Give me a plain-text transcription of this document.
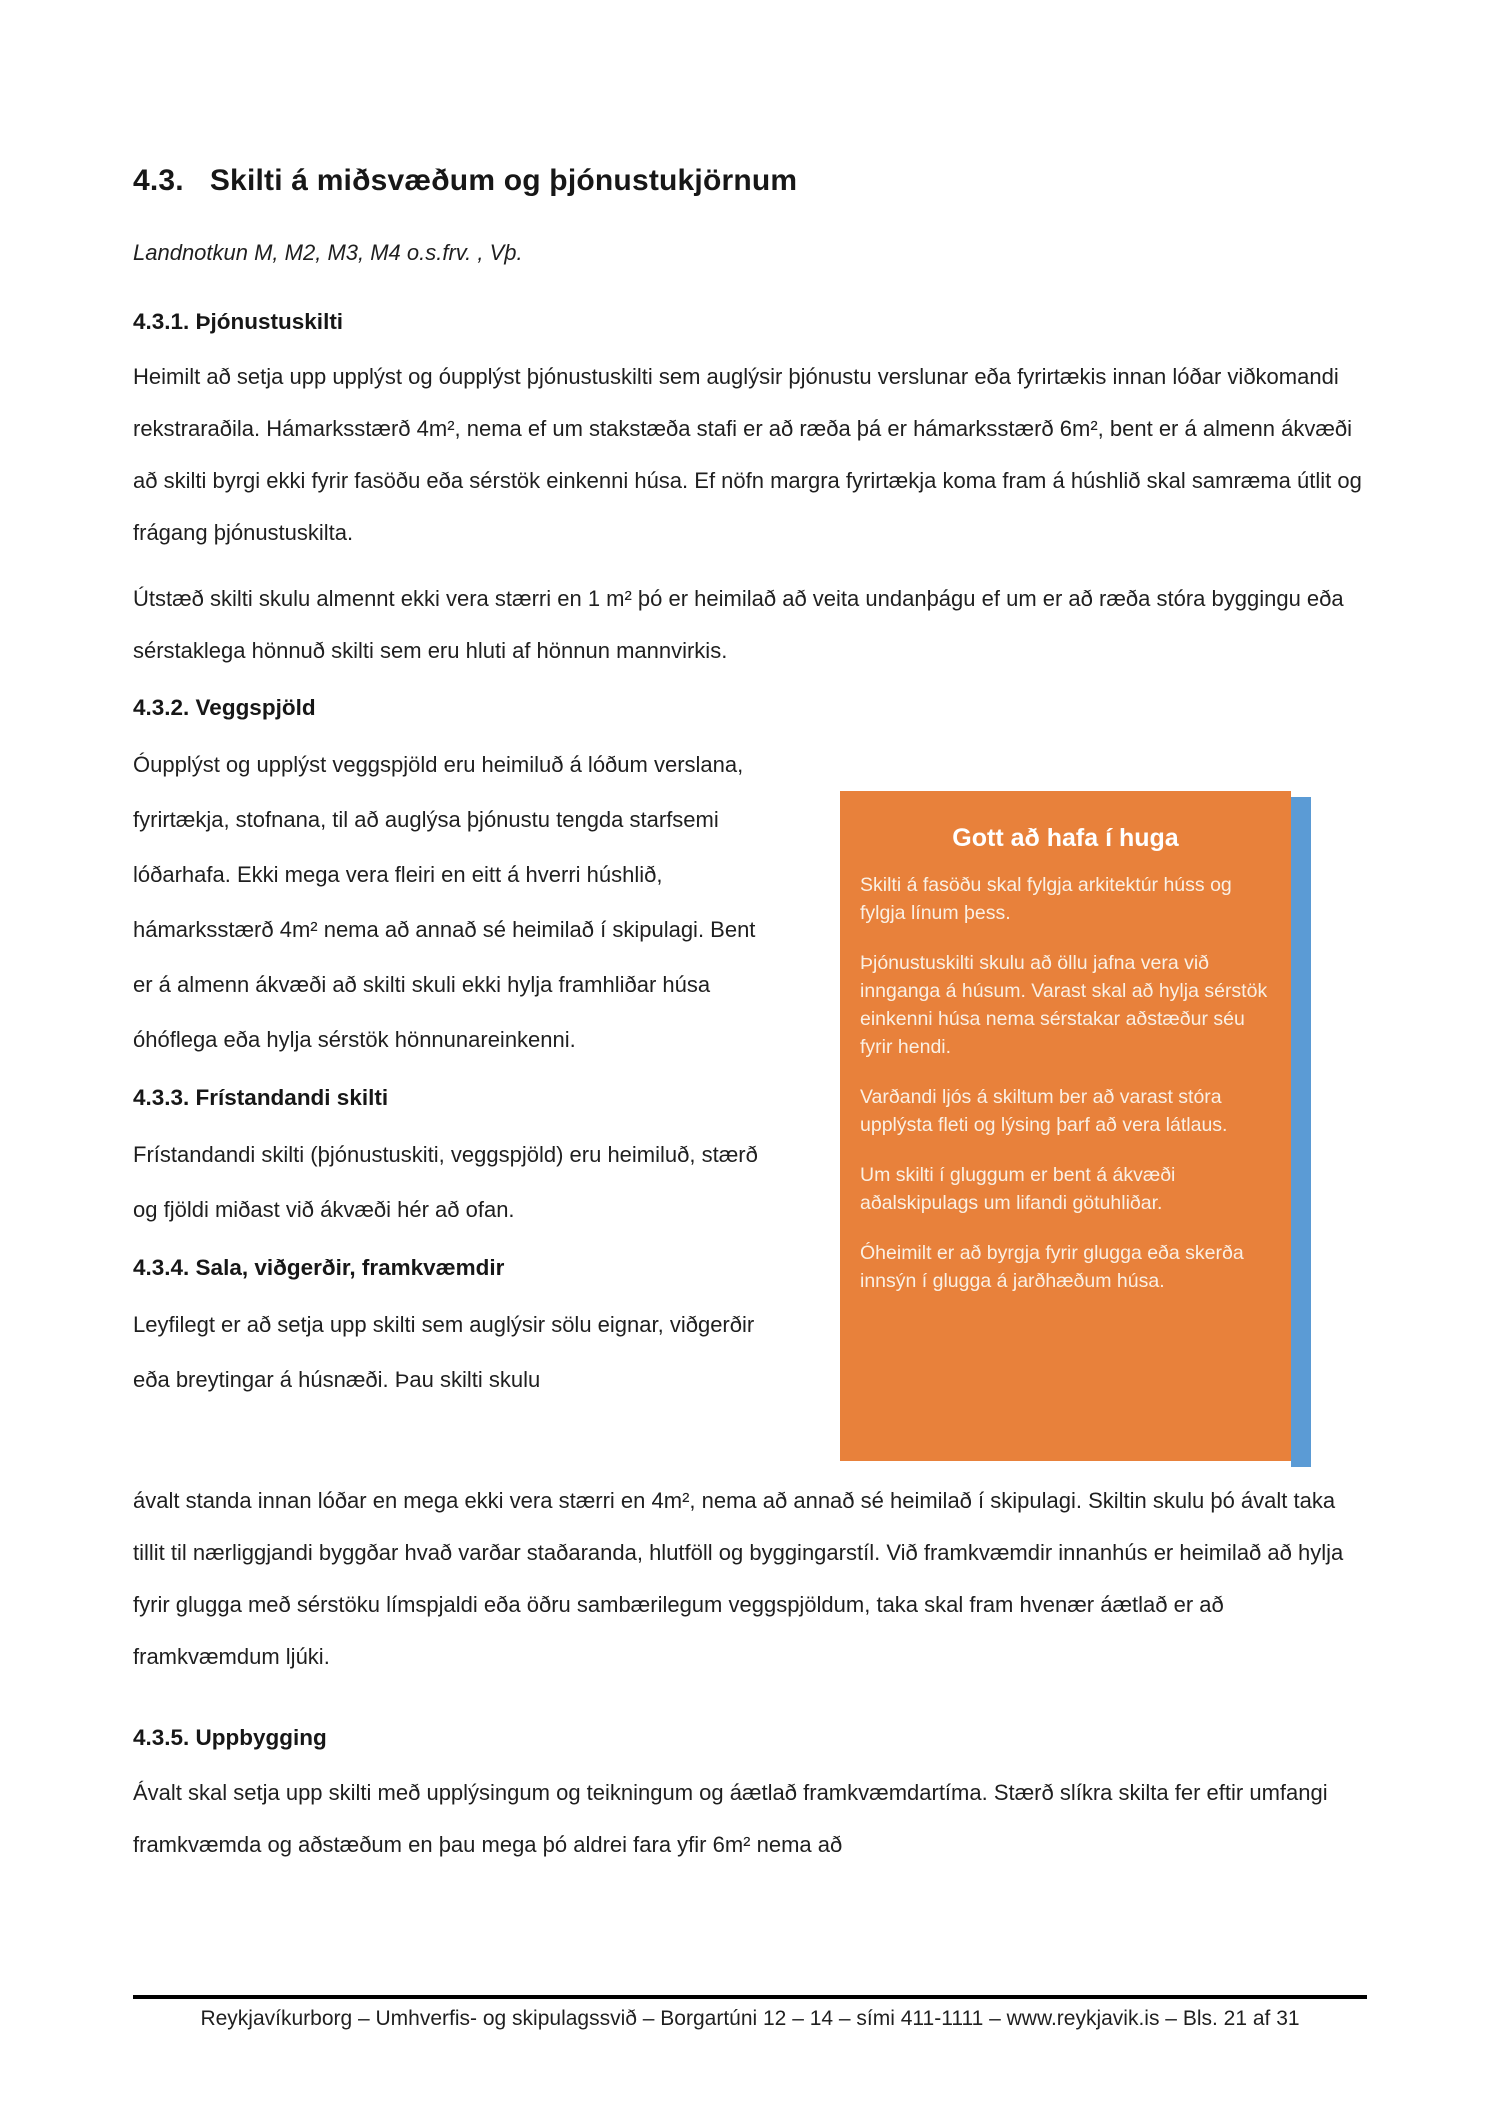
4.3. Skilti á miðsvæðum og þjónustukjörnum

Landnotkun M, M2, M3, M4 o.s.frv. , Vþ.

4.3.1. Þjónustuskilti

Heimilt að setja upp upplýst og óupplýst þjónustuskilti sem auglýsir þjónustu verslunar eða fyrirtækis innan lóðar viðkomandi rekstraraðila. Hámarksstærð 4m², nema ef um stakstæða stafi er að ræða þá er hámarksstærð 6m², bent er á almenn ákvæði að skilti byrgi ekki fyrir fasöðu eða sérstök einkenni húsa. Ef nöfn margra fyrirtækja koma fram á húshlið skal samræma útlit og frágang þjónustuskilta.

Útstæð skilti skulu almennt ekki vera stærri en 1 m² þó er heimilað að veita undanþágu ef um er að ræða stóra byggingu eða sérstaklega hönnuð skilti sem eru hluti af hönnun mannvirkis.

Gott að hafa í huga

Skilti á fasöðu skal fylgja arkitektúr húss og fylgja línum þess.

Þjónustuskilti skulu að öllu jafna vera við innganga á húsum. Varast skal að hylja sérstök einkenni húsa nema sérstakar aðstæður séu fyrir hendi.

Varðandi ljós á skiltum ber að varast stóra upplýsta fleti og lýsing þarf að vera látlaus.

Um skilti í gluggum er bent á ákvæði aðalskipulags um lifandi götuhliðar.

Óheimilt er að byrgja fyrir glugga eða skerða innsýn í glugga á jarðhæðum húsa.

4.3.2. Veggspjöld

Óupplýst og upplýst veggspjöld eru heimiluð á lóðum verslana, fyrirtækja, stofnana, til að auglýsa þjónustu tengda starfsemi lóðarhafa. Ekki mega vera fleiri en eitt á hverri húshlið, hámarksstærð 4m² nema að annað sé heimilað í skipulagi. Bent er á almenn ákvæði að skilti skuli ekki hylja framhliðar húsa óhóflega eða hylja sérstök hönnunareinkenni.

4.3.3. Frístandandi skilti

Frístandandi skilti (þjónustuskiti, veggspjöld) eru heimiluð, stærð og fjöldi miðast við ákvæði hér að ofan.

4.3.4. Sala, viðgerðir, framkvæmdir

Leyfilegt er að setja upp skilti sem auglýsir sölu eignar, viðgerðir eða breytingar á húsnæði. Þau skilti skulu

ávalt standa innan lóðar en mega ekki vera stærri en 4m², nema að annað sé heimilað í skipulagi. Skiltin skulu þó ávalt taka tillit til nærliggjandi byggðar hvað varðar staðaranda, hlutföll og byggingarstíl. Við framkvæmdir innanhús er heimilað að hylja fyrir glugga með sérstöku límspjaldi eða öðru sambærilegum veggspjöldum, taka skal fram hvenær áætlað er að framkvæmdum ljúki.

4.3.5. Uppbygging

Ávalt skal setja upp skilti með upplýsingum og teikningum og áætlað framkvæmdartíma. Stærð slíkra skilta fer eftir umfangi framkvæmda og aðstæðum en þau mega þó aldrei fara yfir 6m² nema að

Reykjavíkurborg – Umhverfis- og skipulagssvið – Borgartúni 12 – 14 – sími 411-1111 – www.reykjavik.is – Bls. 21 af 31
